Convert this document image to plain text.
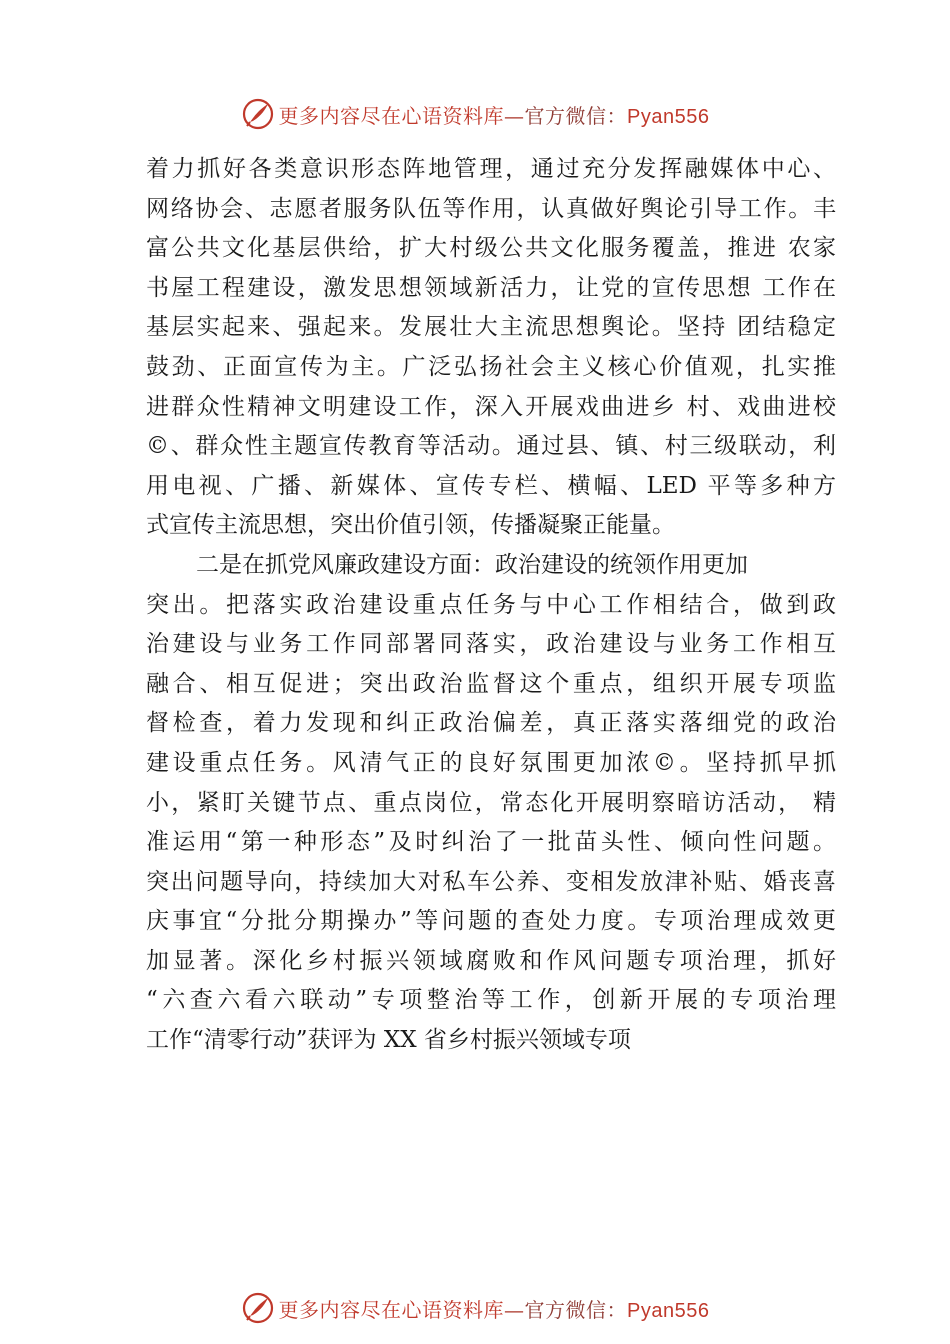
更多内容尽在心语资料库—官方微信：Pyan556
着力抓好各类意识形态阵地管理，通过充分发挥融媒体中心、
网络协会、志愿者服务队伍等作用，认真做好舆论引导工作。丰
富公共文化基层供给，扩大村级公共文化服务覆盖，推进 农家
书屋工程建设，激发思想领域新活力，让党的宣传思想 工作在
基层实起来、强起来。发展壮大主流思想舆论。坚持 团结稳定
鼓劲、正面宣传为主。广泛弘扬社会主义核心价值观，扎实推
进群众性精神文明建设工作，深入开展戏曲进乡 村、戏曲进校
©、群众性主题宣传教育等活动。通过县、镇、村三级联动，利
用电视、广播、新媒体、宣传专栏、横幅、LED 平等多种方
式宣传主流思想，突出价值引领，传播凝聚正能量。
二是在抓党风廉政建设方面：政治建设的统领作用更加
突出。把落实政治建设重点任务与中心工作相结合，做到政
治建设与业务工作同部署同落实，政治建设与业务工作相互
融合、相互促进；突出政治监督这个重点，组织开展专项监
督检查，着力发现和纠正政治偏差，真正落实落细党的政治
建设重点任务。风清气正的良好氛围更加浓©。坚持抓早抓
小，紧盯关键节点、重点岗位，常态化开展明察暗访活动， 精
准运用“第一种形态”及时纠治了一批苗头性、倾向性问题。
突出问题导向，持续加大对私车公养、变相发放津补贴、婚丧喜
庆事宜“分批分期操办”等问题的查处力度。专项治理成效更
加显著。深化乡村振兴领域腐败和作风问题专项治理，抓好
“六查六看六联动”专项整治等工作，创新开展的专项治理
工作“清零行动”获评为 XX 省乡村振兴领域专项
更多内容尽在心语资料库—官方微信：Pyan556
